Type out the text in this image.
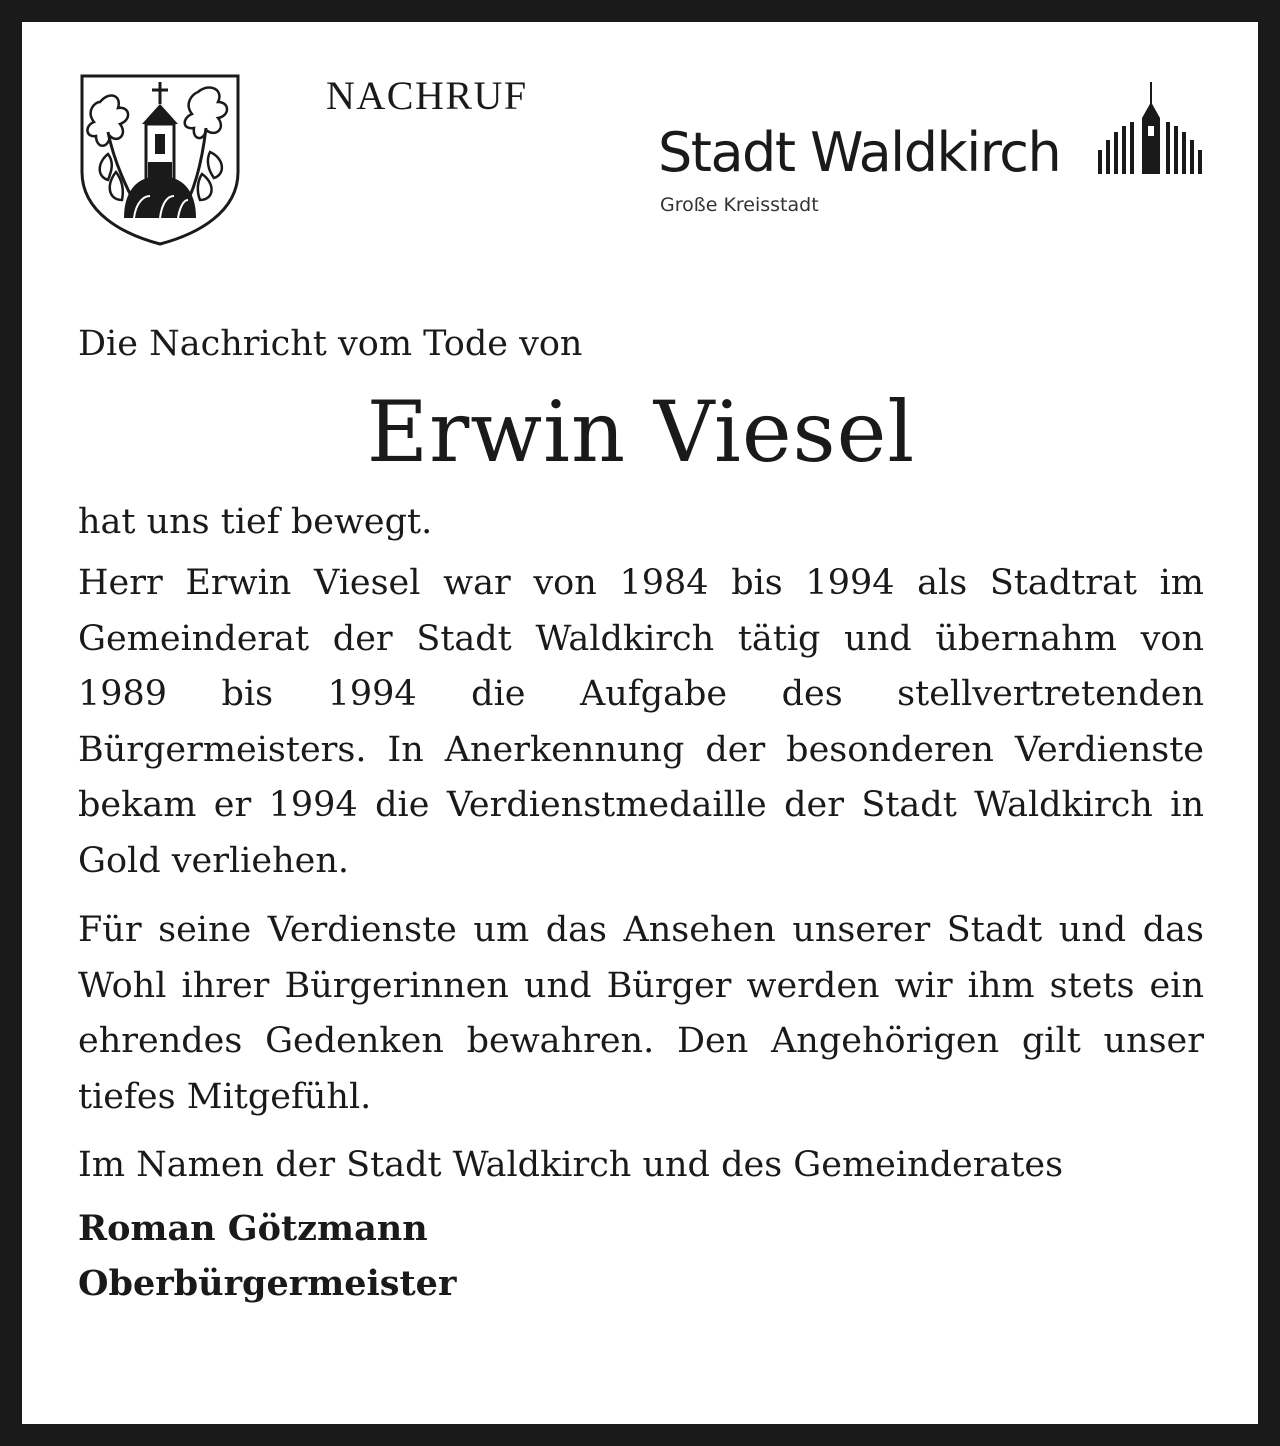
NACHRUF
Stadt Waldkirch
Große Kreisstadt

Die Nachricht vom Tode von

Erwin Viesel

hat uns tief bewegt.

Herr Erwin Viesel war von 1984 bis 1994 als Stadtrat im Gemeinderat der Stadt Waldkirch tätig und übernahm von 1989 bis 1994 die Aufgabe des stellvertretenden Bürgermeisters. In Anerkennung der besonderen Verdienste bekam er 1994 die Verdienstmedaille der Stadt Waldkirch in Gold verliehen.

Für seine Verdienste um das Ansehen unserer Stadt und das Wohl ihrer Bürgerinnen und Bürger werden wir ihm stets ein ehrendes Gedenken bewahren. Den Angehörigen gilt unser tiefes Mitgefühl.

Im Namen der Stadt Waldkirch und des Gemeinderates

Roman Götzmann
Oberbürgermeister
